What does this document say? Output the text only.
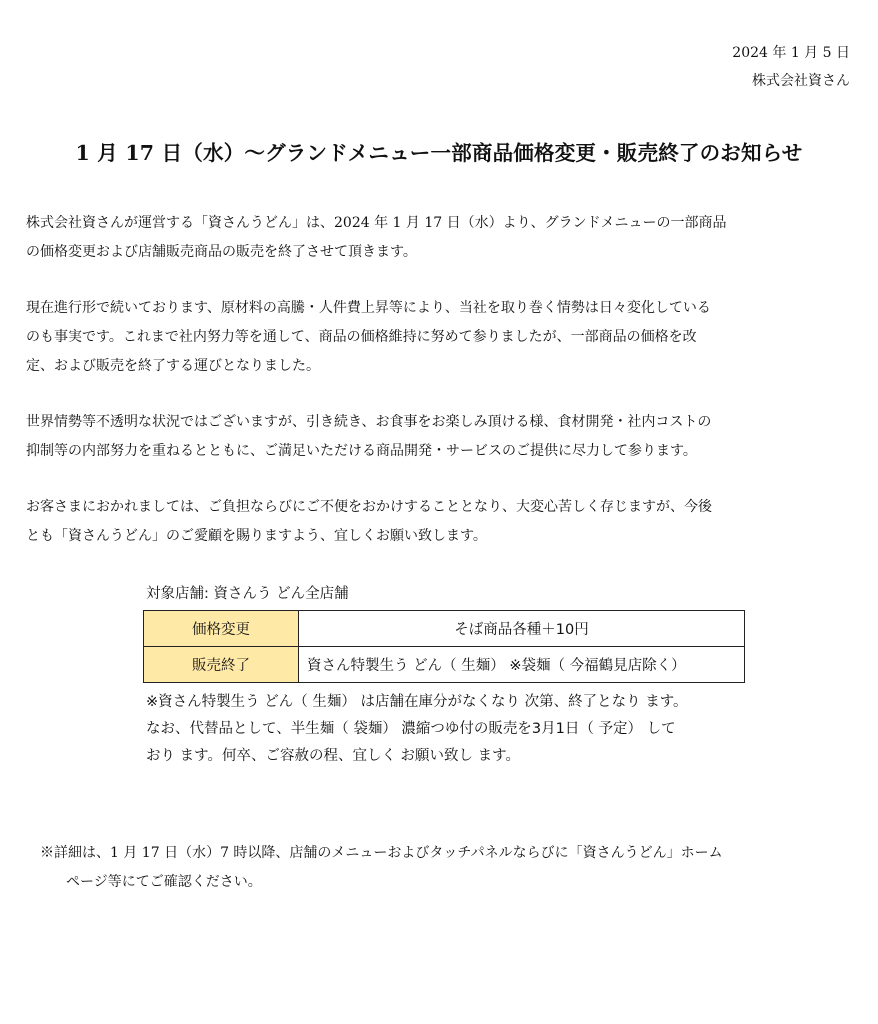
2024 年 1 月 5 日
株式会社資さん
1 月 17 日（水）～グランドメニュー一部商品価格変更・販売終了のお知らせ
株式会社資さんが運営する「資さんうどん」は、2024 年 1 月 17 日（水）より、グランドメニューの一部商品
の価格変更および店舗販売商品の販売を終了させて頂きます。
現在進行形で続いております、原材料の高騰・人件費上昇等により、当社を取り巻く情勢は日々変化している
のも事実です。これまで社内努力等を通して、商品の価格維持に努めて参りましたが、一部商品の価格を改
定、および販売を終了する運びとなりました。
世界情勢等不透明な状況ではございますが、引き続き、お食事をお楽しみ頂ける様、食材開発・社内コストの
抑制等の内部努力を重ねるとともに、ご満足いただける商品開発・サービスのご提供に尽力して参ります。
お客さまにおかれましては、ご負担ならびにご不便をおかけすることとなり、大変心苦しく存じますが、今後
とも「資さんうどん」のご愛顧を賜りますよう、宜しくお願い致します。
対象店舗: 資さんう どん全店舗
価格変更	そば商品各種＋10円
販売終了	資さん特製生う どん（ 生麺） ※袋麺（ 今福鶴見店除く）
※資さん特製生う どん（ 生麺） は店舗在庫分がなくなり 次第、終了となり ます。
なお、代替品として、半生麺（ 袋麺） 濃縮つゆ付の販売を3月1日（ 予定） して
おり ます。何卒、ご容赦の程、宜しく お願い致し ます。
※詳細は、1 月 17 日（水）7 時以降、店舗のメニューおよびタッチパネルならびに「資さんうどん」ホーム
ページ等にてご確認ください。
